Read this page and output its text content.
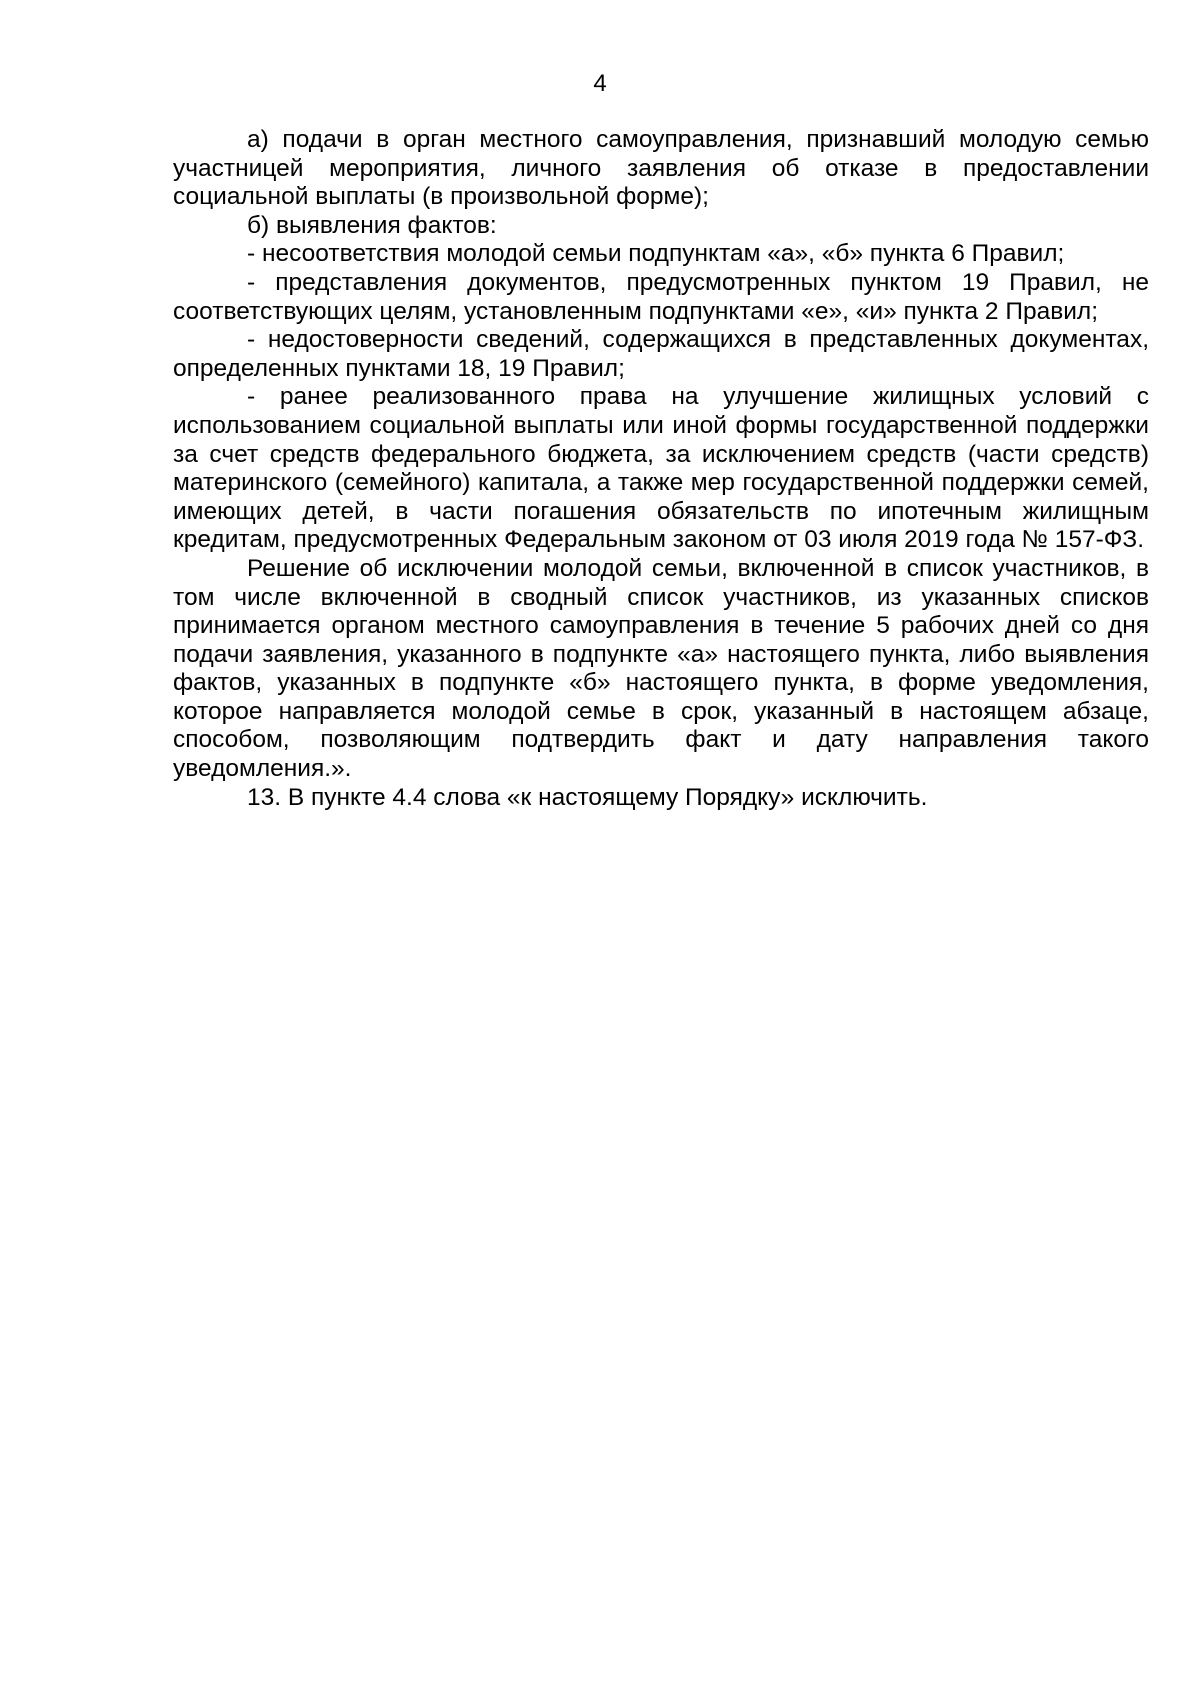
4

а) подачи в орган местного самоуправления, признавший молодую семью участницей мероприятия, личного заявления об отказе в предоставлении социальной выплаты (в произвольной форме);

б) выявления фактов:

- несоответствия молодой семьи подпунктам «а», «б» пункта 6 Правил;

- представления документов, предусмотренных пунктом 19 Правил, не соответствующих целям, установленным подпунктами «е», «и» пункта 2 Правил;

- недостоверности сведений, содержащихся в представленных документах, определенных пунктами 18, 19 Правил;

- ранее реализованного права на улучшение жилищных условий с использованием социальной выплаты или иной формы государственной поддержки за счет средств федерального бюджета, за исключением средств (части средств) материнского (семейного) капитала, а также мер государственной поддержки семей, имеющих детей, в части погашения обязательств по ипотечным жилищным кредитам, предусмотренных Федеральным законом от 03 июля 2019 года № 157-ФЗ.

Решение об исключении молодой семьи, включенной в список участников, в том числе включенной в сводный список участников, из указанных списков принимается органом местного самоуправления в течение 5 рабочих дней со дня подачи заявления, указанного в подпункте «а» настоящего пункта, либо выявления фактов, указанных в подпункте «б» настоящего пункта, в форме уведомления, которое направляется молодой семье в срок, указанный в настоящем абзаце, способом, позволяющим подтвердить факт и дату направления такого уведомления.».

13. В пункте 4.4 слова «к настоящему Порядку» исключить.
